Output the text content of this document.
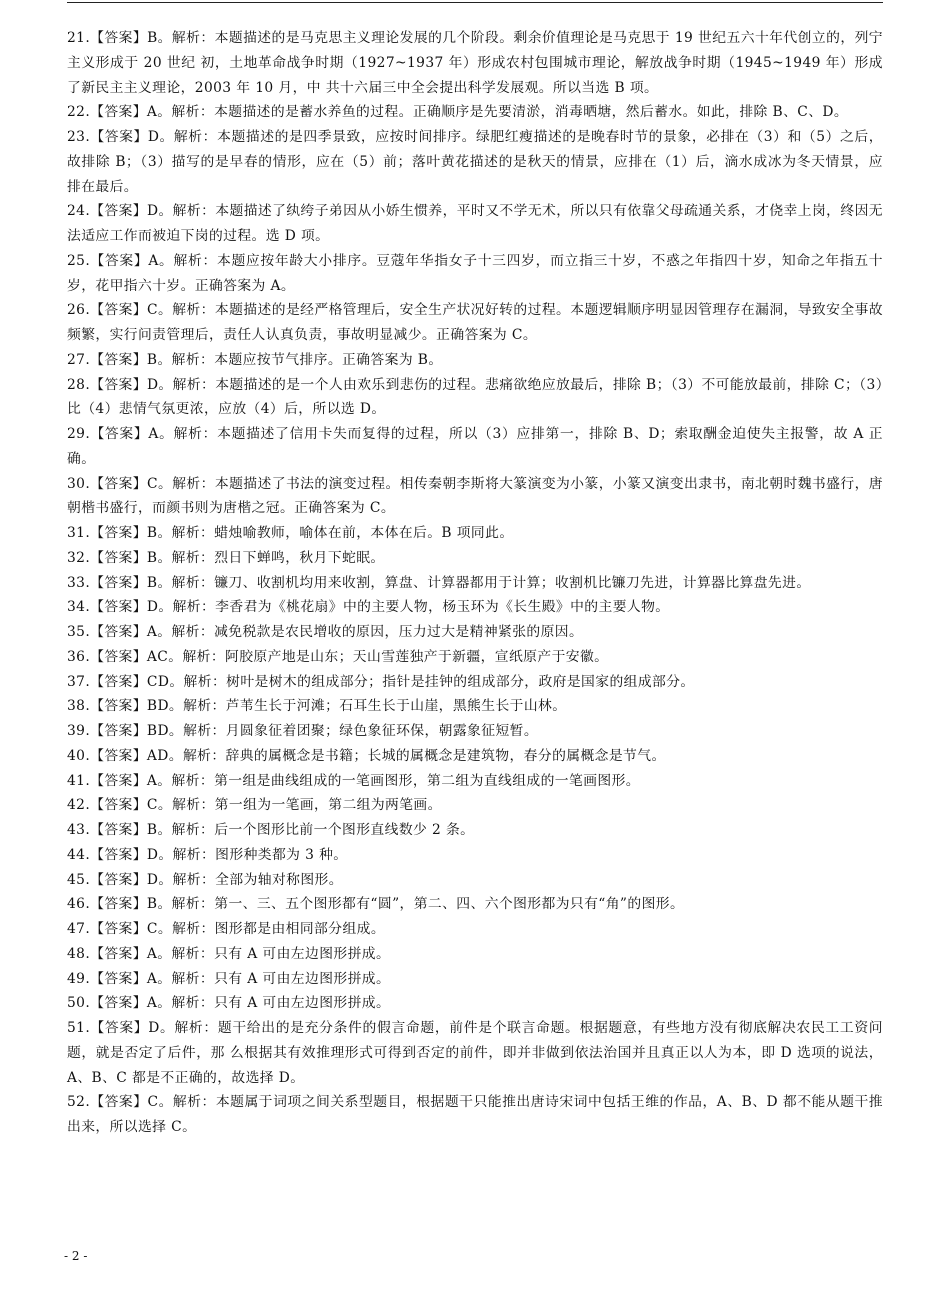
21.【答案】B。解析：本题描述的是马克思主义理论发展的几个阶段。剩余价值理论是马克思于 19 世纪五六十年代创立的，列宁主义形成于 20 世纪 初，土地革命战争时期（1927~1937 年）形成农村包围城市理论，解放战争时期（1945~1949 年）形成了新民主主义理论，2003 年 10 月，中 共十六届三中全会提出科学发展观。所以当选 B 项。

22.【答案】A。解析：本题描述的是蓄水养鱼的过程。正确顺序是先要清淤，消毒晒塘，然后蓄水。如此，排除 B、C、D。

23.【答案】D。解析：本题描述的是四季景致，应按时间排序。绿肥红瘦描述的是晚春时节的景象，必排在（3）和（5）之后，故排除 B；（3）描写的是早春的情形，应在（5）前；落叶黄花描述的是秋天的情景，应排在（1）后，滴水成冰为冬天情景，应排在最后。

24.【答案】D。解析：本题描述了纨绔子弟因从小娇生惯养，平时又不学无术，所以只有依靠父母疏通关系，才侥幸上岗，终因无法适应工作而被迫下岗的过程。选 D 项。

25.【答案】A。解析：本题应按年龄大小排序。豆蔻年华指女子十三四岁，而立指三十岁，不惑之年指四十岁，知命之年指五十岁，花甲指六十岁。正确答案为 A。

26.【答案】C。解析：本题描述的是经严格管理后，安全生产状况好转的过程。本题逻辑顺序明显因管理存在漏洞，导致安全事故频繁，实行问责管理后，责任人认真负责，事故明显减少。正确答案为 C。

27.【答案】B。解析：本题应按节气排序。正确答案为 B。

28.【答案】D。解析：本题描述的是一个人由欢乐到悲伤的过程。悲痛欲绝应放最后，排除 B；（3）不可能放最前，排除 C；（3）比（4）悲情气氛更浓，应放（4）后，所以选 D。

29.【答案】A。解析：本题描述了信用卡失而复得的过程，所以（3）应排第一，排除 B、D；索取酬金迫使失主报警，故 A 正确。

30.【答案】C。解析：本题描述了书法的演变过程。相传秦朝李斯将大篆演变为小篆，小篆又演变出隶书，南北朝时魏书盛行，唐朝楷书盛行，而颜书则为唐楷之冠。正确答案为 C。

31.【答案】B。解析：蜡烛喻教师，喻体在前，本体在后。B 项同此。

32.【答案】B。解析：烈日下蝉鸣，秋月下蛇眠。

33.【答案】B。解析：镰刀、收割机均用来收割，算盘、计算器都用于计算；收割机比镰刀先进，计算器比算盘先进。

34.【答案】D。解析：李香君为《桃花扇》中的主要人物，杨玉环为《长生殿》中的主要人物。

35.【答案】A。解析：减免税款是农民增收的原因，压力过大是精神紧张的原因。

36.【答案】AC。解析：阿胶原产地是山东；天山雪莲独产于新疆，宣纸原产于安徽。

37.【答案】CD。解析：树叶是树木的组成部分；指针是挂钟的组成部分，政府是国家的组成部分。

38.【答案】BD。解析：芦苇生长于河滩；石耳生长于山崖，黑熊生长于山林。

39.【答案】BD。解析：月圆象征着团聚；绿色象征环保，朝露象征短暂。

40.【答案】AD。解析：辞典的属概念是书籍；长城的属概念是建筑物，春分的属概念是节气。

41.【答案】A。解析：第一组是曲线组成的一笔画图形，第二组为直线组成的一笔画图形。

42.【答案】C。解析：第一组为一笔画，第二组为两笔画。

43.【答案】B。解析：后一个图形比前一个图形直线数少 2 条。

44.【答案】D。解析：图形种类都为 3 种。

45.【答案】D。解析：全部为轴对称图形。

46.【答案】B。解析：第一、三、五个图形都有“圆”，第二、四、六个图形都为只有“角”的图形。

47.【答案】C。解析：图形都是由相同部分组成。

48.【答案】A。解析：只有 A 可由左边图形拼成。

49.【答案】A。解析：只有 A 可由左边图形拼成。

50.【答案】A。解析：只有 A 可由左边图形拼成。

51.【答案】D。解析：题干给出的是充分条件的假言命题，前件是个联言命题。根据题意，有些地方没有彻底解决农民工工资问题，就是否定了后件，那 么根据其有效推理形式可得到否定的前件，即并非做到依法治国并且真正以人为本，即 D 选项的说法，A、B、C 都是不正确的，故选择 D。

52.【答案】C。解析：本题属于词项之间关系型题目，根据题干只能推出唐诗宋词中包括王维的作品，A、B、D 都不能从题干推出来，所以选择 C。

- 2 -
